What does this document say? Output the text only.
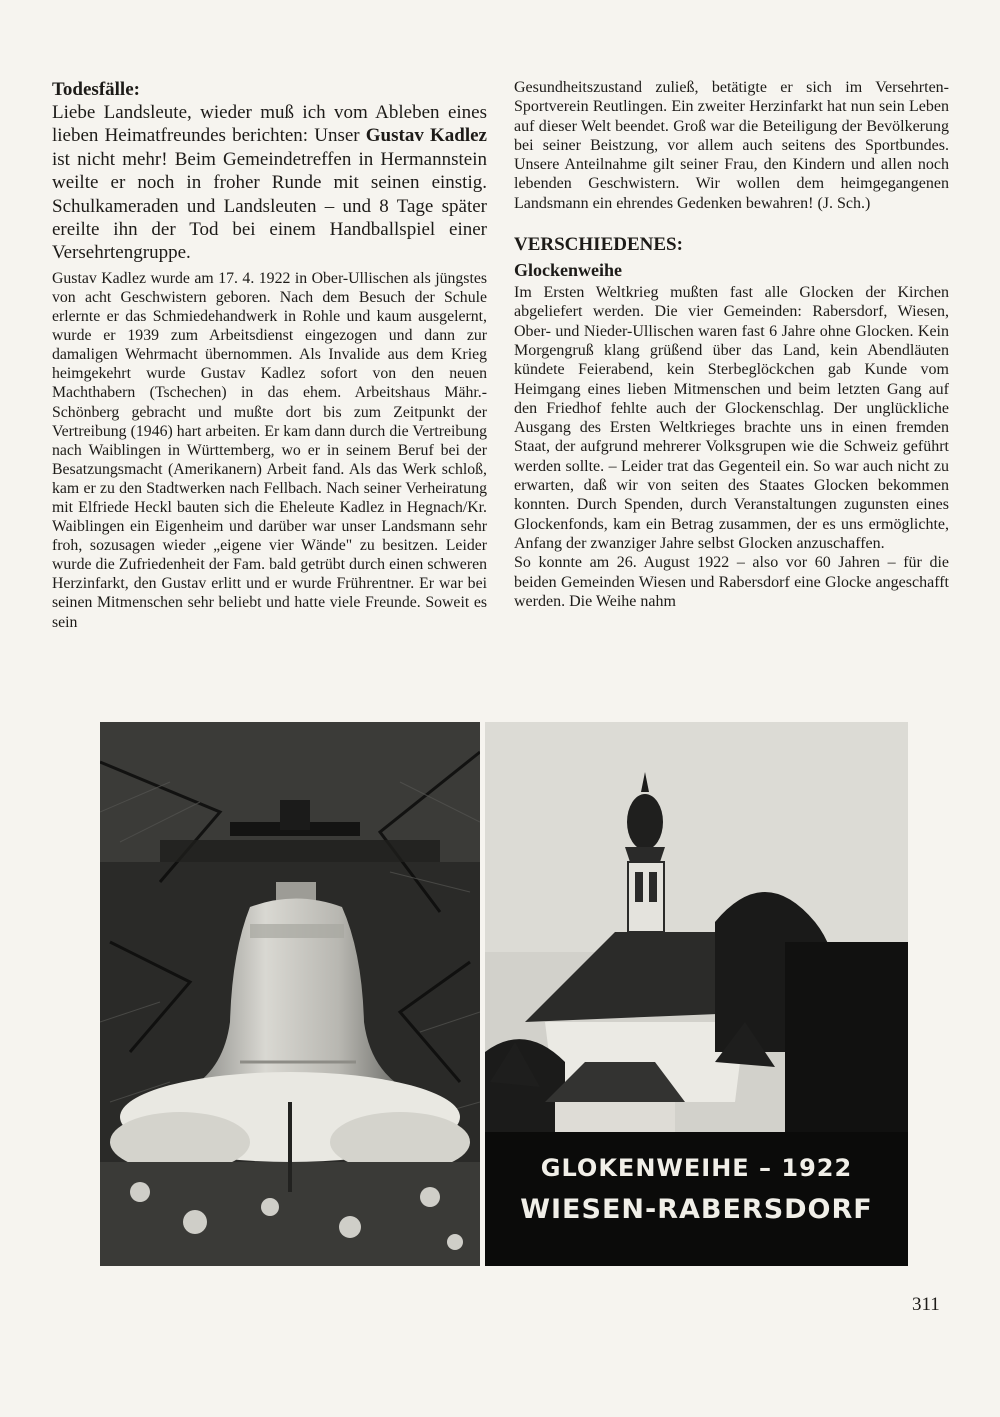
Todesfälle:

Liebe Landsleute, wieder muß ich vom Ableben eines lieben Heimatfreundes berichten: Unser Gustav Kadlez ist nicht mehr! Beim Gemeindetreffen in Hermannstein weilte er noch in froher Runde mit seinen einstig. Schulkameraden und Landsleuten – und 8 Tage später ereilte ihn der Tod bei einem Handballspiel einer Versehrtengruppe.

Gustav Kadlez wurde am 17. 4. 1922 in Ober-Ullischen als jüngstes von acht Geschwistern geboren. Nach dem Besuch der Schule erlernte er das Schmiedehandwerk in Rohle und kaum ausgelernt, wurde er 1939 zum Arbeitsdienst eingezogen und dann zur damaligen Wehrmacht übernommen. Als Invalide aus dem Krieg heimgekehrt wurde Gustav Kadlez sofort von den neuen Machthabern (Tschechen) in das ehem. Arbeitshaus Mähr.-Schönberg gebracht und mußte dort bis zum Zeitpunkt der Vertreibung (1946) hart arbeiten. Er kam dann durch die Vertreibung nach Waiblingen in Württemberg, wo er in seinem Beruf bei der Besatzungsmacht (Amerikanern) Arbeit fand. Als das Werk schloß, kam er zu den Stadtwerken nach Fellbach. Nach seiner Verheiratung mit Elfriede Heckl bauten sich die Eheleute Kadlez in Hegnach/Kr. Waiblingen ein Eigenheim und darüber war unser Landsmann sehr froh, sozusagen wieder „eigene vier Wände" zu besitzen. Leider wurde die Zufriedenheit der Fam. bald getrübt durch einen schweren Herzinfarkt, den Gustav erlitt und er wurde Frührentner. Er war bei seinen Mitmenschen sehr beliebt und hatte viele Freunde. Soweit es sein

Gesundheitszustand zuließ, betätigte er sich im Versehrten-Sportverein Reutlingen. Ein zweiter Herzinfarkt hat nun sein Leben auf dieser Welt beendet. Groß war die Beteiligung der Bevölkerung bei seiner Beistzung, vor allem auch seitens des Sportbundes. Unsere Anteilnahme gilt seiner Frau, den Kindern und allen noch lebenden Geschwistern. Wir wollen dem heimgegangenen Landsmann ein ehrendes Gedenken bewahren! (J. Sch.)

VERSCHIEDENES:
Glockenweihe

Im Ersten Weltkrieg mußten fast alle Glocken der Kirchen abgeliefert werden. Die vier Gemeinden: Rabersdorf, Wiesen, Ober- und Nieder-Ullischen waren fast 6 Jahre ohne Glocken. Kein Morgengruß klang grüßend über das Land, kein Abendläuten kündete Feierabend, kein Sterbeglöckchen gab Kunde vom Heimgang eines lieben Mitmenschen und beim letzten Gang auf den Friedhof fehlte auch der Glockenschlag. Der unglückliche Ausgang des Ersten Weltkrieges brachte uns in einen fremden Staat, der aufgrund mehrerer Volksgrupen wie die Schweiz geführt werden sollte. – Leider trat das Gegenteil ein. So war auch nicht zu erwarten, daß wir von seiten des Staates Glocken bekommen konnten. Durch Spenden, durch Veranstaltungen zugunsten eines Glockenfonds, kam ein Betrag zusammen, der es uns ermöglichte, Anfang der zwanziger Jahre selbst Glocken anzuschaffen.

So konnte am 26. August 1922 – also vor 60 Jahren – für die beiden Gemeinden Wiesen und Rabersdorf eine Glocke angeschafft werden. Die Weihe nahm

GLOKENWEIHE – 1922
WIESEN-RABERSDORF
311
